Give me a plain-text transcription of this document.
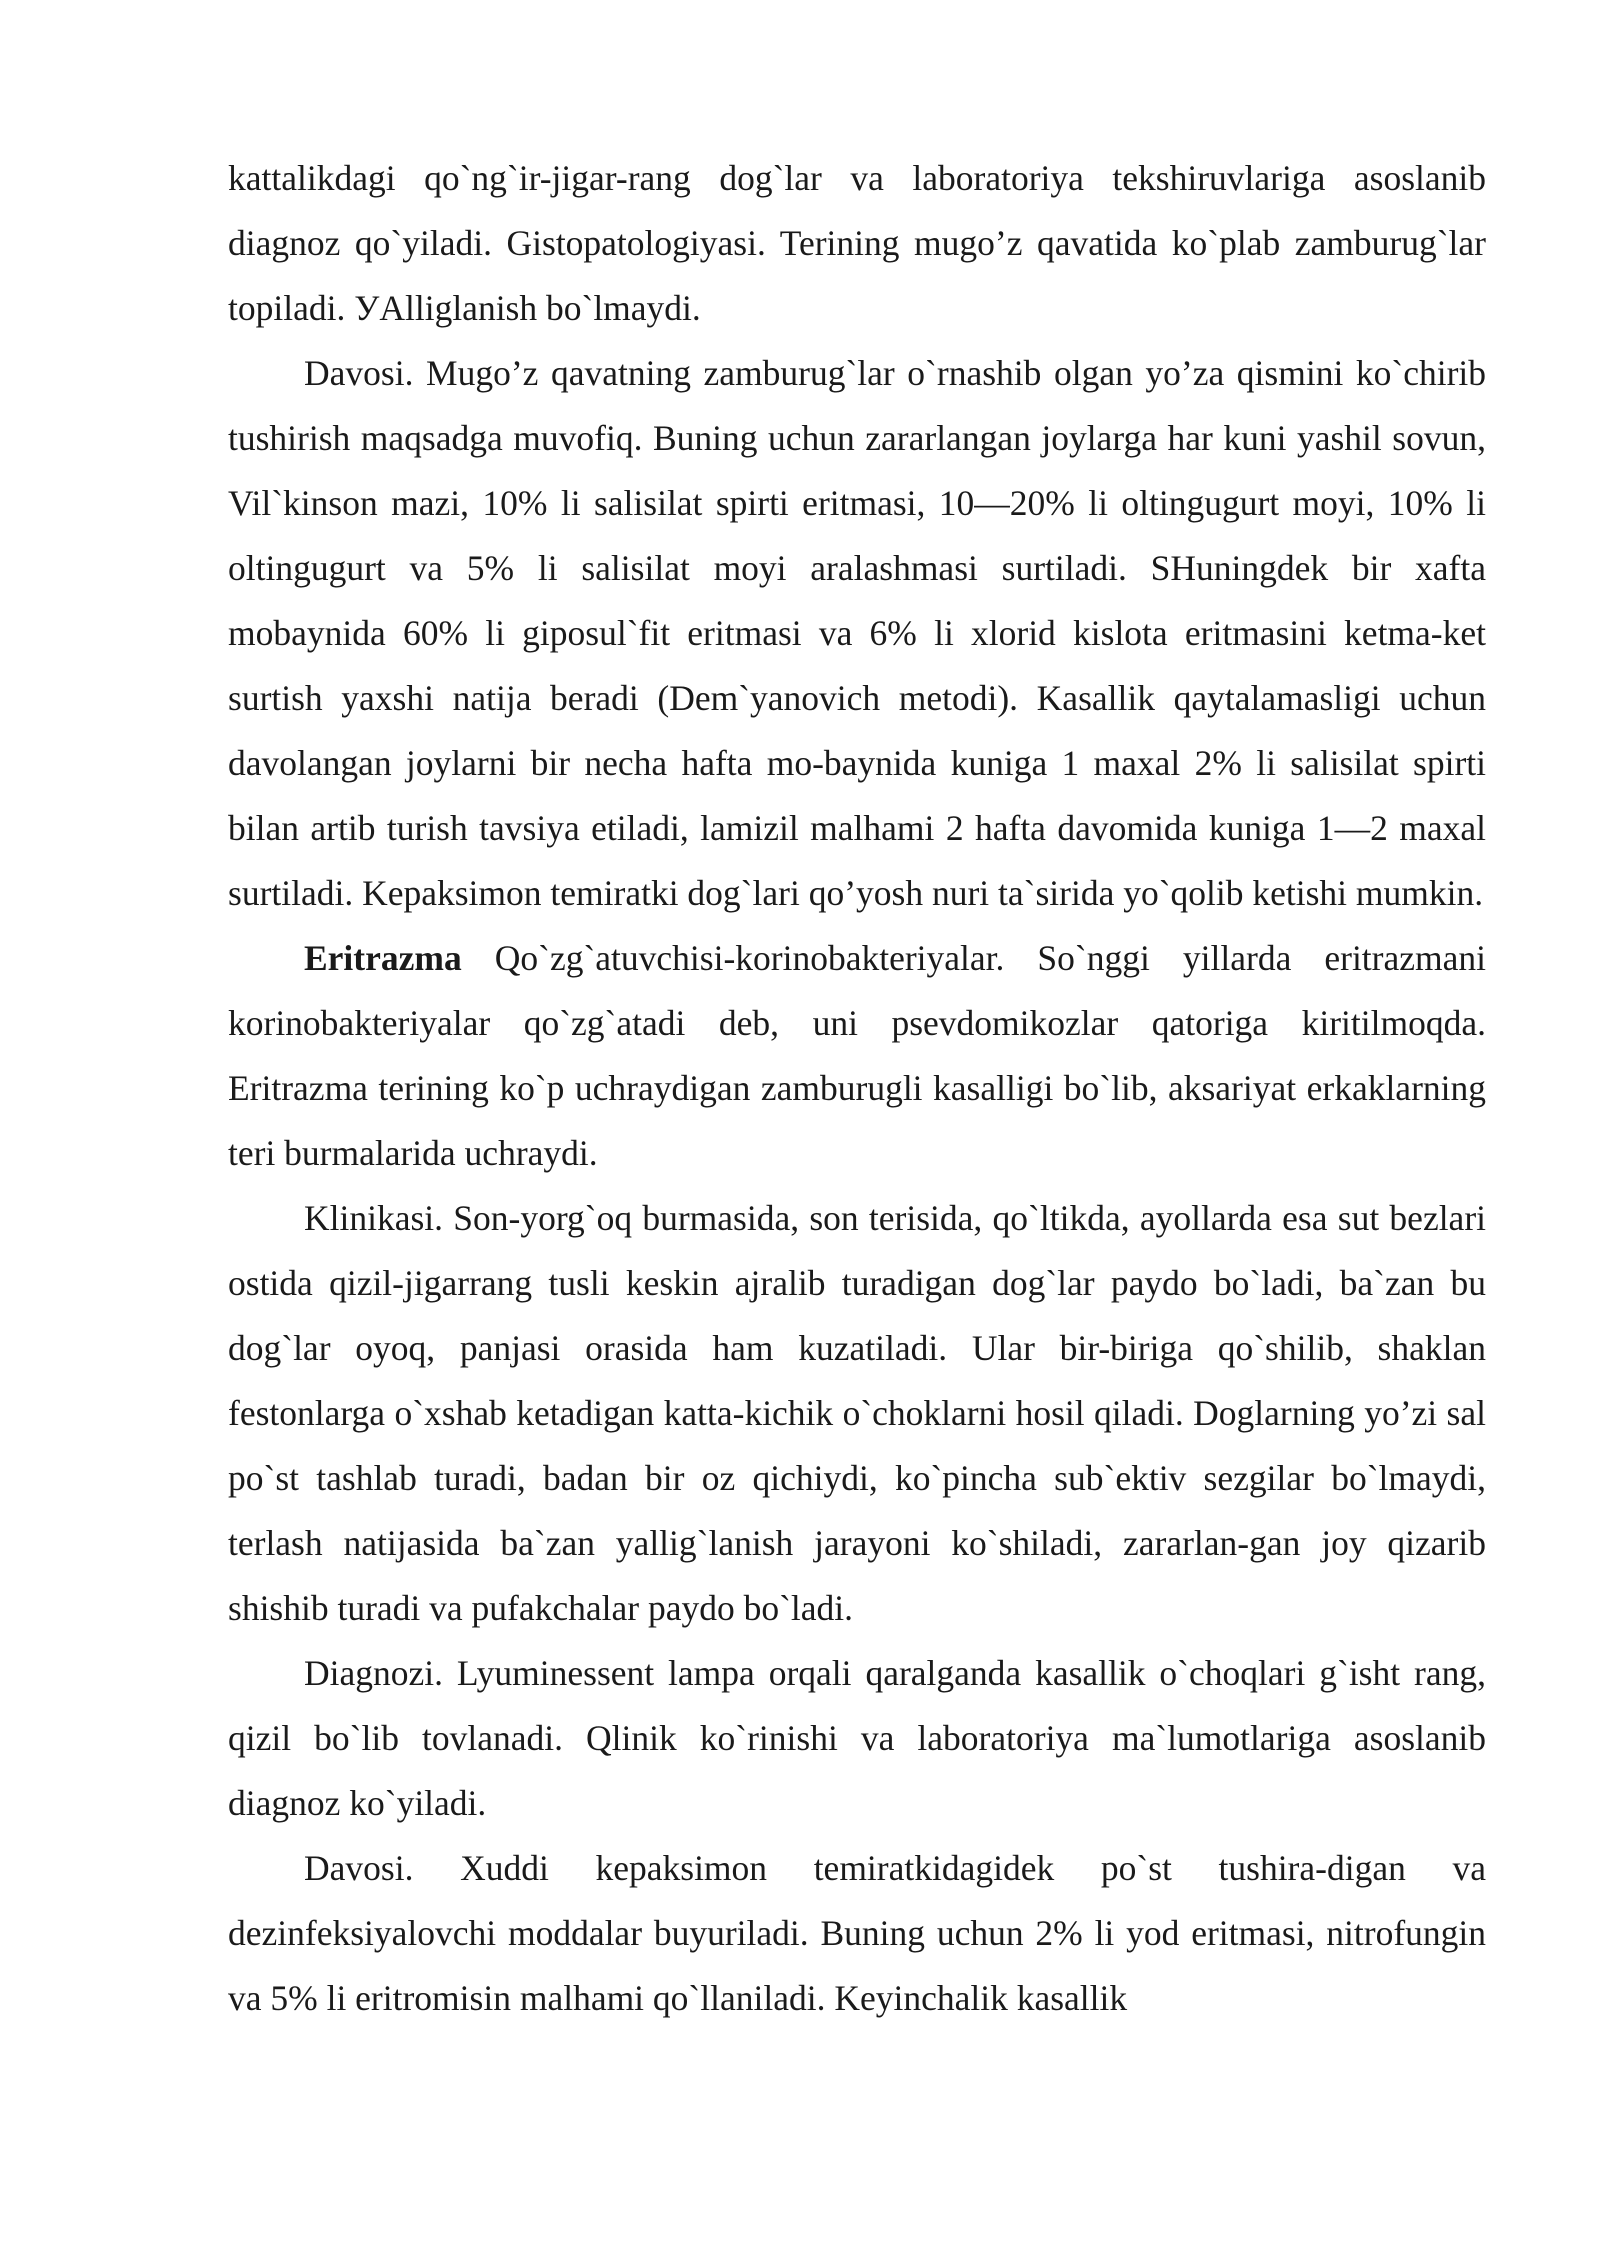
kattalikdagi qo`ng`ir-jigar-rang dog`lar va laboratoriya tekshiruvlariga asoslanib diagnoz qo`yiladi. Gistopatologiyasi. Terining mugo’z qavatida ko`plab zamburug`lar topiladi. УAlliglanish bo`lmaydi.

Davosi. Mugo’z qavatning zamburug`lar o`rnashib olgan yo’za qismini ko`chirib tushirish maqsadga muvofiq. Buning uchun zararlangan joylarga har kuni yashil sovun, Vil`kinson mazi, 10% li salisilat spirti eritmasi, 10—20% li oltingugurt moyi, 10% li oltingugurt va 5% li salisilat moyi aralashmasi surtiladi. SHuningdek bir xafta mobaynida 60% li giposul`fit eritmasi va 6% li xlorid kislota eritmasini ketma-ket surtish yaxshi natija beradi (Dem`yanovich metodi). Kasallik qaytalamasligi uchun davolangan joylarni bir necha hafta mo-baynida kuniga 1 maxal 2% li salisilat spirti bilan artib turish tavsiya etiladi, lamizil malhami 2 hafta davomida kuniga 1—2 maxal surtiladi. Kepaksimon temiratki dog`lari qo’yosh nuri ta`sirida yo`qolib ketishi mumkin.

Eritrazma Qo`zg`atuvchisi-korinobakteriyalar. So`nggi yillarda eritrazmani korinobakteriyalar qo`zg`atadi deb, uni psevdomikozlar qatoriga kiritilmoqda. Eritrazma terining ko`p uchraydigan zamburugli kasalligi bo`lib, aksariyat erkaklarning teri burmalarida uchraydi.

Klinikasi. Son-yorg`oq burmasida, son terisida, qo`ltikda, ayollarda esa sut bezlari ostida qizil-jigarrang tusli keskin ajralib turadigan dog`lar paydo bo`ladi, ba`zan bu dog`lar oyoq, panjasi orasida ham kuzatiladi. Ular bir-biriga qo`shilib, shaklan festonlarga o`xshab ketadigan katta-kichik o`choklarni hosil qiladi. Doglarning yo’zi sal po`st tashlab turadi, badan bir oz qichiydi, ko`pincha sub`ektiv sezgilar bo`lmaydi, terlash natijasida ba`zan yallig`lanish jarayoni ko`shiladi, zararlan-gan joy qizarib shishib turadi va pufakchalar paydo bo`ladi.

Diagnozi. Lyuminessent lampa orqali qaralganda kasallik o`choqlari g`isht rang, qizil bo`lib tovlanadi. Qlinik ko`rinishi va laboratoriya ma`lumotlariga asoslanib diagnoz ko`yiladi.

Davosi. Xuddi kepaksimon temiratkidagidek po`st tushira-digan va dezinfeksiyalovchi moddalar buyuriladi. Buning uchun 2% li yod eritmasi, nitrofungin va 5% li eritromisin malhami qo`llaniladi. Keyinchalik kasallik
